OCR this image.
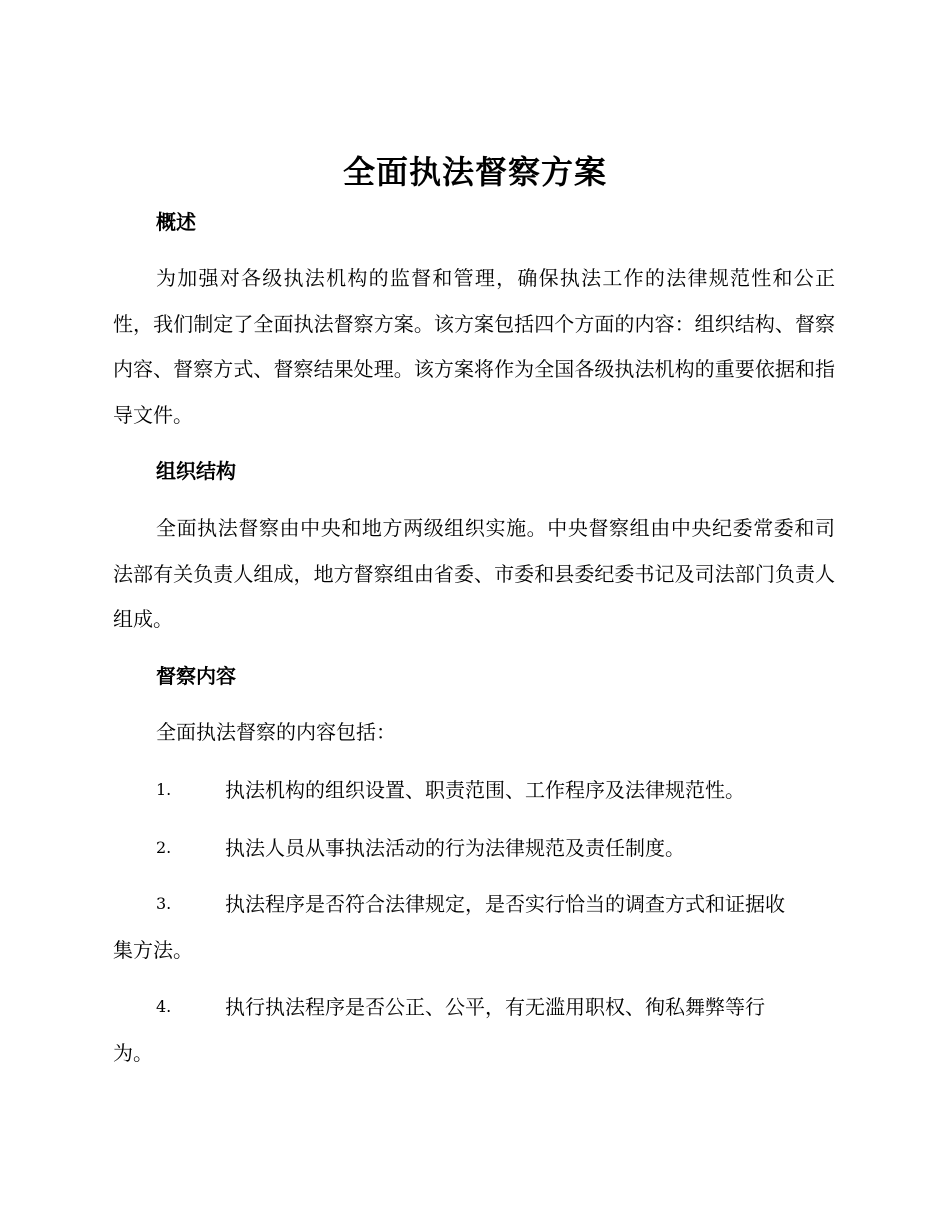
全面执法督察方案
概述

为加强对各级执法机构的监督和管理，确保执法工作的法律规范性和公正性，我们制定了全面执法督察方案。该方案包括四个方面的内容：组织结构、督察内容、督察方式、督察结果处理。该方案将作为全国各级执法机构的重要依据和指导文件。

组织结构

全面执法督察由中央和地方两级组织实施。中央督察组由中央纪委常委和司法部有关负责人组成，地方督察组由省委、市委和县委纪委书记及司法部门负责人组成。

督察内容
全面执法督察的内容包括：
1.	执法机构的组织设置、职责范围、工作程序及法律规范性。
2.	执法人员从事执法活动的行为法律规范及责任制度。
3.	执法程序是否符合法律规定，是否实行恰当的调查方式和证据收
集方法。
4.	执行执法程序是否公正、公平，有无滥用职权、徇私舞弊等行
为。
